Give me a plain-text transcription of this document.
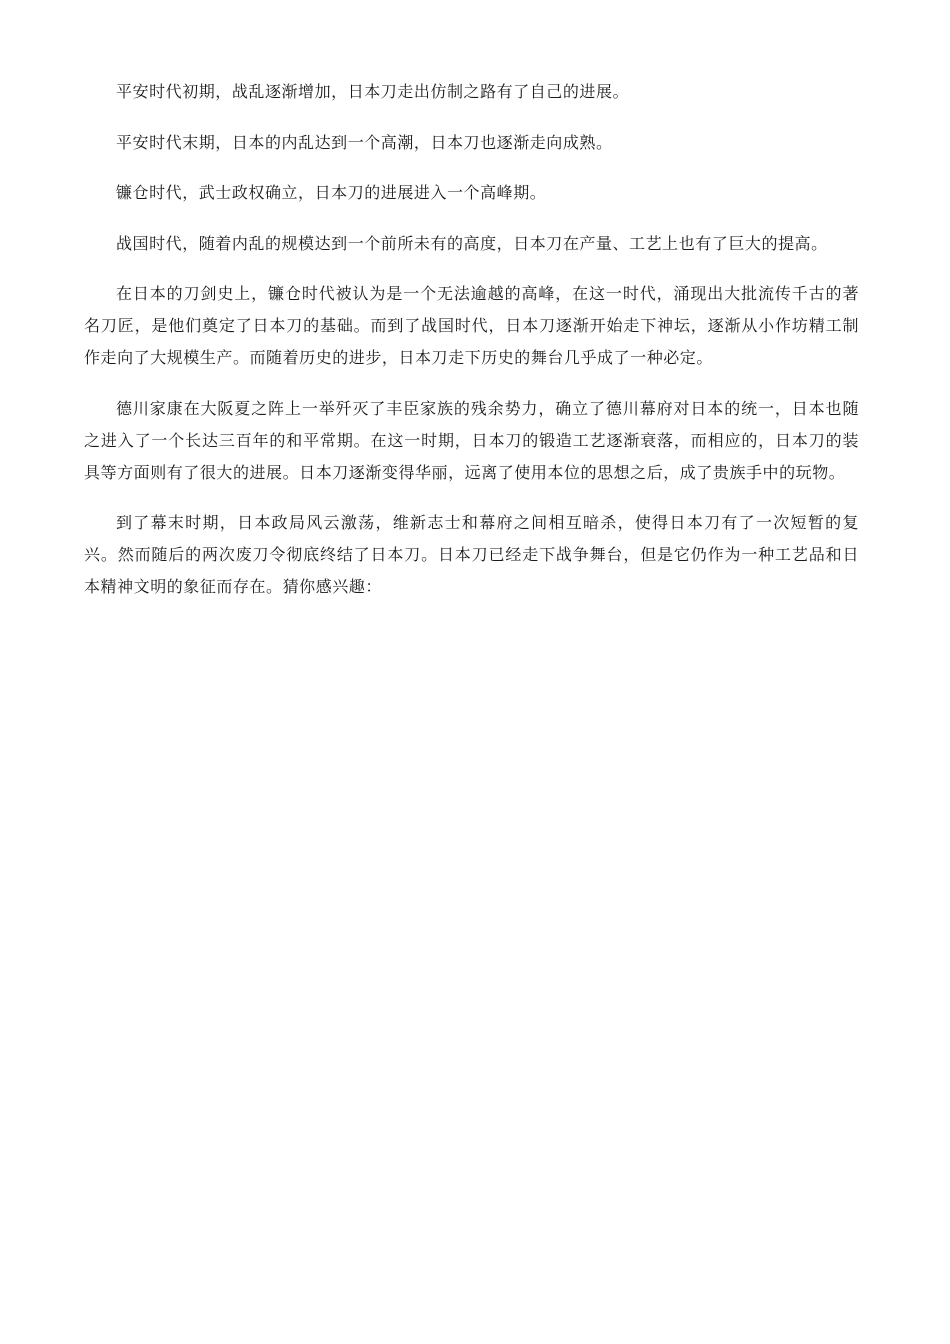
平安时代初期，战乱逐渐增加，日本刀走出仿制之路有了自己的进展。

平安时代末期，日本的内乱达到一个高潮，日本刀也逐渐走向成熟。

镰仓时代，武士政权确立，日本刀的进展进入一个高峰期。

战国时代，随着内乱的规模达到一个前所未有的高度，日本刀在产量、工艺上也有了巨大的提高。

在日本的刀剑史上，镰仓时代被认为是一个无法逾越的高峰，在这一时代，涌现出大批流传千古的著名刀匠，是他们奠定了日本刀的基础。而到了战国时代，日本刀逐渐开始走下神坛，逐渐从小作坊精工制作走向了大规模生产。而随着历史的进步，日本刀走下历史的舞台几乎成了一种必定。

德川家康在大阪夏之阵上一举歼灭了丰臣家族的残余势力，确立了德川幕府对日本的统一，日本也随之进入了一个长达三百年的和平常期。在这一时期，日本刀的锻造工艺逐渐衰落，而相应的，日本刀的装具等方面则有了很大的进展。日本刀逐渐变得华丽，远离了使用本位的思想之后，成了贵族手中的玩物。

到了幕末时期，日本政局风云激荡，维新志士和幕府之间相互暗杀，使得日本刀有了一次短暂的复兴。然而随后的两次废刀令彻底终结了日本刀。日本刀已经走下战争舞台，但是它仍作为一种工艺品和日本精神文明的象征而存在。猜你感兴趣：
